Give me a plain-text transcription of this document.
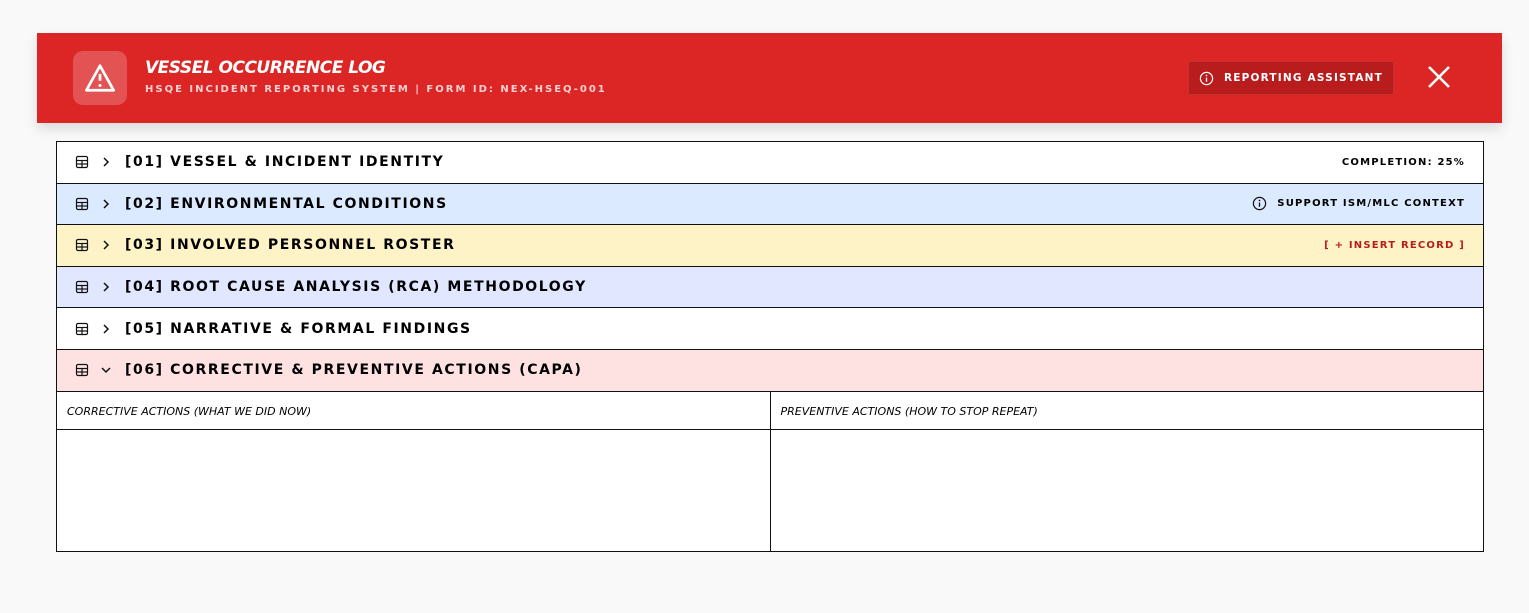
VESSEL OCCURRENCE LOG
HSQE INCIDENT REPORTING SYSTEM | FORM ID: NEX-HSEQ-001
REPORTING ASSISTANT
[01] VESSEL & INCIDENT IDENTITY	COMPLETION: 25%
[02] ENVIRONMENTAL CONDITIONS	SUPPORT ISM/MLC CONTEXT
[03] INVOLVED PERSONNEL ROSTER	[ + INSERT RECORD ]
[04] ROOT CAUSE ANALYSIS (RCA) METHODOLOGY
[05] NARRATIVE & FORMAL FINDINGS
[06] CORRECTIVE & PREVENTIVE ACTIONS (CAPA)
CORRECTIVE ACTIONS (WHAT WE DID NOW)	PREVENTIVE ACTIONS (HOW TO STOP REPEAT)
